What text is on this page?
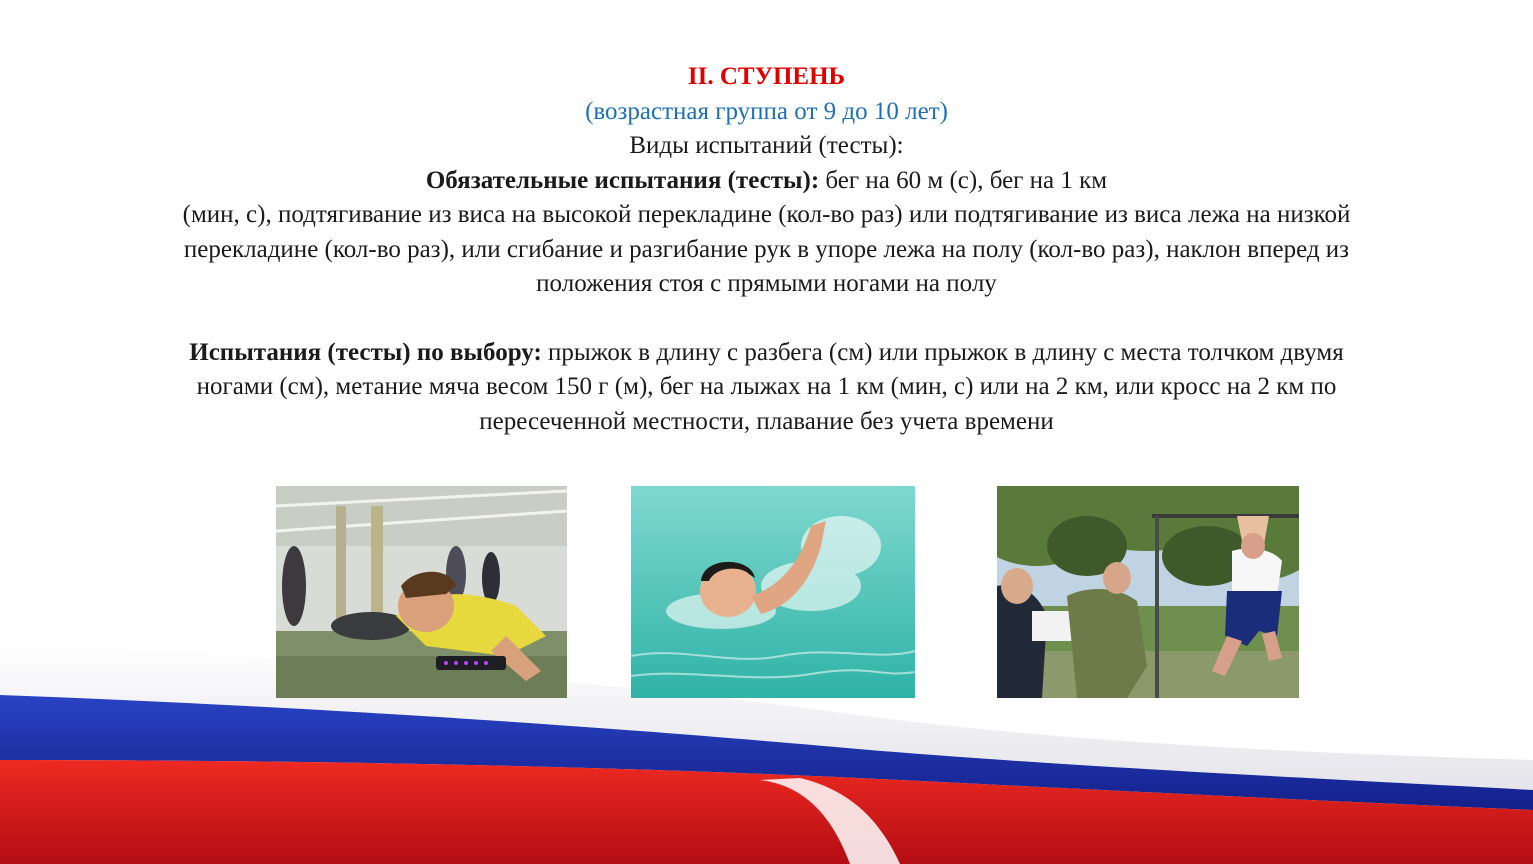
II. СТУПЕНЬ
(возрастная группа от 9 до 10 лет)
Виды испытаний (тесты):
Обязательные испытания (тесты): бег на 60 м (с), бег на 1 км
(мин, с), подтягивание из виса на высокой перекладине (кол-во раз) или подтягивание из виса лежа на низкой
перекладине (кол-во раз), или сгибание и разгибание рук в упоре лежа на полу (кол-во раз), наклон вперед из
положения стоя с прямыми ногами на полу
Испытания (тесты) по выбору: прыжок в длину с разбега (см) или прыжок в длину с места толчком двумя
ногами (см), метание мяча весом 150 г (м), бег на лыжах на 1 км (мин, с) или на 2 км, или кросс на 2 км по
пересеченной местности, плавание без учета времени
